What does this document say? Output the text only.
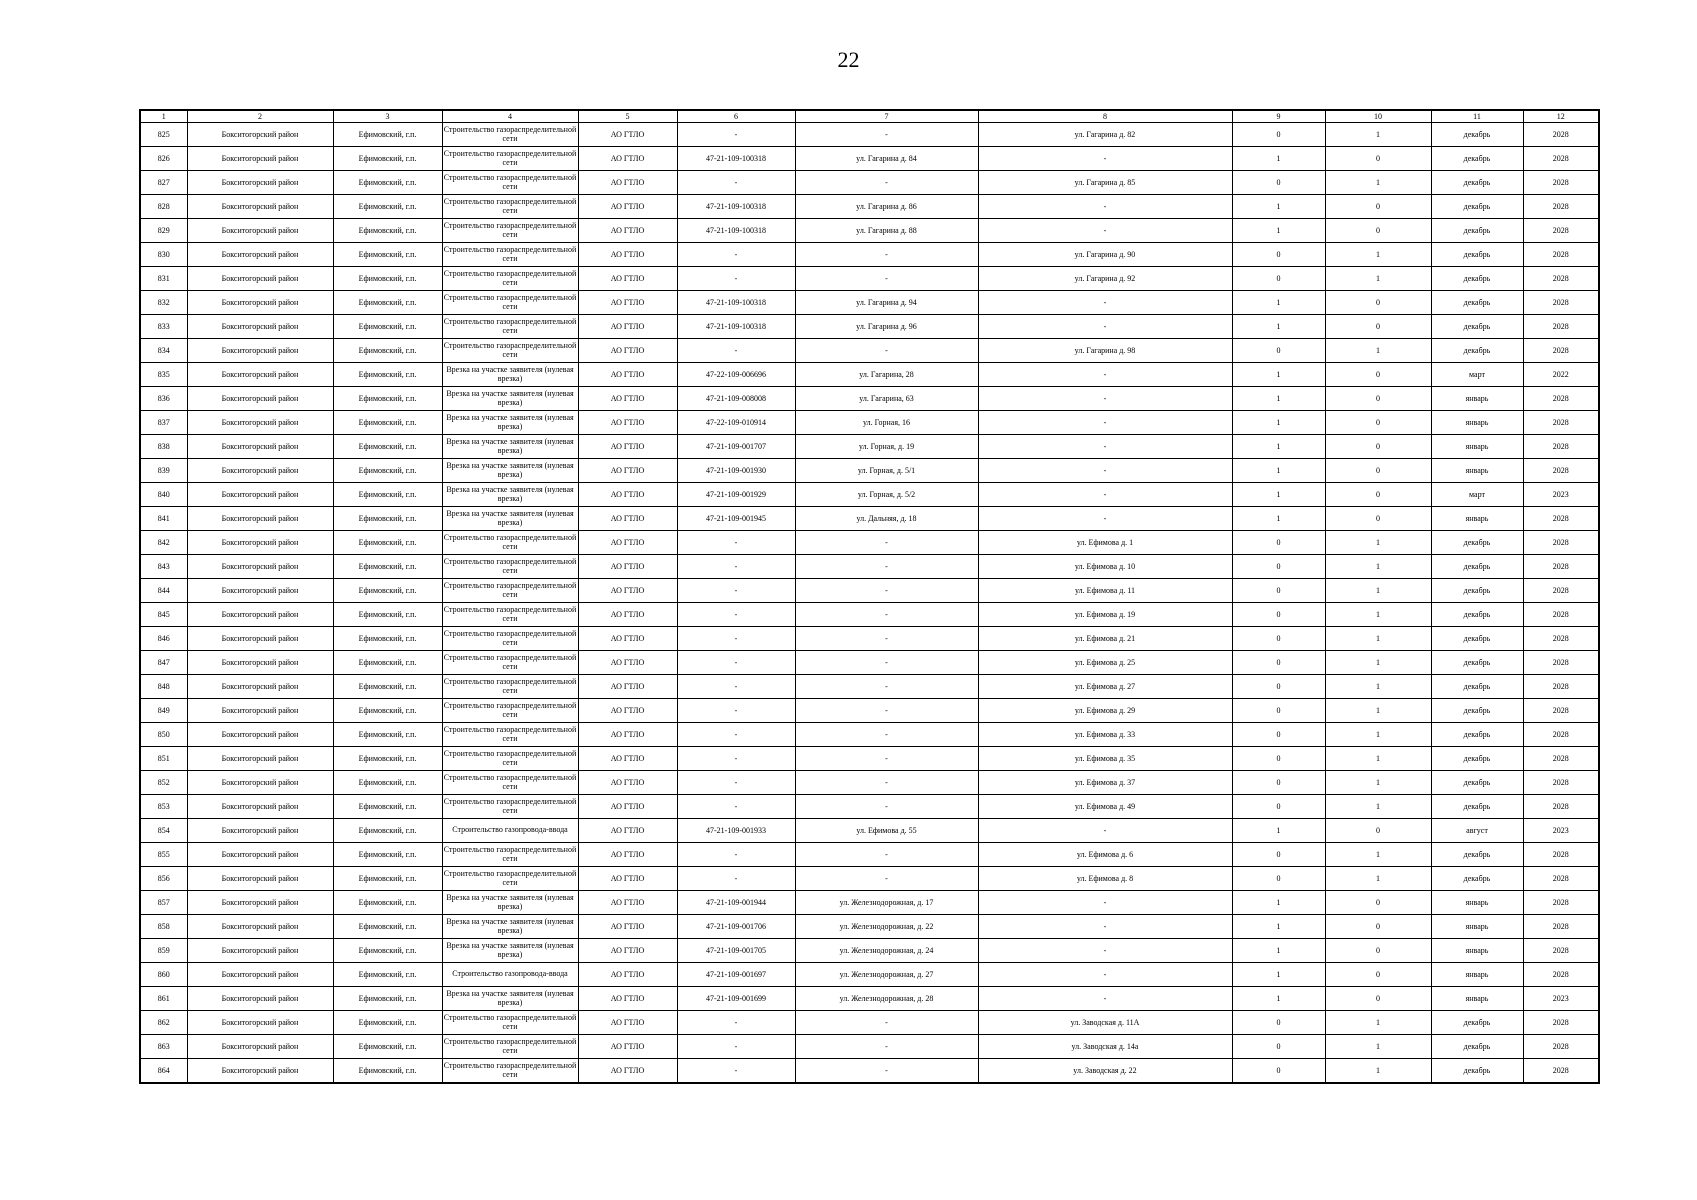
22
1	2	3	4	5	6	7	8	9	10	11	12
825	Бокситогорский район	Ефимовский, г.п.	Строительство газораспределительной сети	АО ГТЛО	-	-	ул. Гагарина д. 82	0	1	декабрь	2028
826	Бокситогорский район	Ефимовский, г.п.	Строительство газораспределительной сети	АО ГТЛО	47-21-109-100318	ул. Гагарина д. 84	-	1	0	декабрь	2028
827	Бокситогорский район	Ефимовский, г.п.	Строительство газораспределительной сети	АО ГТЛО	-	-	ул. Гагарина д. 85	0	1	декабрь	2028
828	Бокситогорский район	Ефимовский, г.п.	Строительство газораспределительной сети	АО ГТЛО	47-21-109-100318	ул. Гагарина д. 86	-	1	0	декабрь	2028
829	Бокситогорский район	Ефимовский, г.п.	Строительство газораспределительной сети	АО ГТЛО	47-21-109-100318	ул. Гагарина д. 88	-	1	0	декабрь	2028
830	Бокситогорский район	Ефимовский, г.п.	Строительство газораспределительной сети	АО ГТЛО	-	-	ул. Гагарина д. 90	0	1	декабрь	2028
831	Бокситогорский район	Ефимовский, г.п.	Строительство газораспределительной сети	АО ГТЛО	-	-	ул. Гагарина д. 92	0	1	декабрь	2028
832	Бокситогорский район	Ефимовский, г.п.	Строительство газораспределительной сети	АО ГТЛО	47-21-109-100318	ул. Гагарина д. 94	-	1	0	декабрь	2028
833	Бокситогорский район	Ефимовский, г.п.	Строительство газораспределительной сети	АО ГТЛО	47-21-109-100318	ул. Гагарина д. 96	-	1	0	декабрь	2028
834	Бокситогорский район	Ефимовский, г.п.	Строительство газораспределительной сети	АО ГТЛО	-	-	ул. Гагарина д. 98	0	1	декабрь	2028
835	Бокситогорский район	Ефимовский, г.п.	Врезка на участке заявителя (нулевая врезка)	АО ГТЛО	47-22-109-006696	ул. Гагарина, 28	-	1	0	март	2022
836	Бокситогорский район	Ефимовский, г.п.	Врезка на участке заявителя (нулевая врезка)	АО ГТЛО	47-21-109-008008	ул. Гагарина, 63	-	1	0	январь	2028
837	Бокситогорский район	Ефимовский, г.п.	Врезка на участке заявителя (нулевая врезка)	АО ГТЛО	47-22-109-010914	ул. Горная, 16	-	1	0	январь	2028
838	Бокситогорский район	Ефимовский, г.п.	Врезка на участке заявителя (нулевая врезка)	АО ГТЛО	47-21-109-001707	ул. Горная, д. 19	-	1	0	январь	2028
839	Бокситогорский район	Ефимовский, г.п.	Врезка на участке заявителя (нулевая врезка)	АО ГТЛО	47-21-109-001930	ул. Горная, д. 5/1	-	1	0	январь	2028
840	Бокситогорский район	Ефимовский, г.п.	Врезка на участке заявителя (нулевая врезка)	АО ГТЛО	47-21-109-001929	ул. Горная, д. 5/2	-	1	0	март	2023
841	Бокситогорский район	Ефимовский, г.п.	Врезка на участке заявителя (нулевая врезка)	АО ГТЛО	47-21-109-001945	ул. Дальняя, д. 18	-	1	0	январь	2028
842	Бокситогорский район	Ефимовский, г.п.	Строительство газораспределительной сети	АО ГТЛО	-	-	ул. Ефимова д. 1	0	1	декабрь	2028
843	Бокситогорский район	Ефимовский, г.п.	Строительство газораспределительной сети	АО ГТЛО	-	-	ул. Ефимова д. 10	0	1	декабрь	2028
844	Бокситогорский район	Ефимовский, г.п.	Строительство газораспределительной сети	АО ГТЛО	-	-	ул. Ефимова д. 11	0	1	декабрь	2028
845	Бокситогорский район	Ефимовский, г.п.	Строительство газораспределительной сети	АО ГТЛО	-	-	ул. Ефимова д. 19	0	1	декабрь	2028
846	Бокситогорский район	Ефимовский, г.п.	Строительство газораспределительной сети	АО ГТЛО	-	-	ул. Ефимова д. 21	0	1	декабрь	2028
847	Бокситогорский район	Ефимовский, г.п.	Строительство газораспределительной сети	АО ГТЛО	-	-	ул. Ефимова д. 25	0	1	декабрь	2028
848	Бокситогорский район	Ефимовский, г.п.	Строительство газораспределительной сети	АО ГТЛО	-	-	ул. Ефимова д. 27	0	1	декабрь	2028
849	Бокситогорский район	Ефимовский, г.п.	Строительство газораспределительной сети	АО ГТЛО	-	-	ул. Ефимова д. 29	0	1	декабрь	2028
850	Бокситогорский район	Ефимовский, г.п.	Строительство газораспределительной сети	АО ГТЛО	-	-	ул. Ефимова д. 33	0	1	декабрь	2028
851	Бокситогорский район	Ефимовский, г.п.	Строительство газораспределительной сети	АО ГТЛО	-	-	ул. Ефимова д. 35	0	1	декабрь	2028
852	Бокситогорский район	Ефимовский, г.п.	Строительство газораспределительной сети	АО ГТЛО	-	-	ул. Ефимова д. 37	0	1	декабрь	2028
853	Бокситогорский район	Ефимовский, г.п.	Строительство газораспределительной сети	АО ГТЛО	-	-	ул. Ефимова д. 49	0	1	декабрь	2028
854	Бокситогорский район	Ефимовский, г.п.	Строительство газопровода-ввода	АО ГТЛО	47-21-109-001933	ул. Ефимова д. 55	-	1	0	август	2023
855	Бокситогорский район	Ефимовский, г.п.	Строительство газораспределительной сети	АО ГТЛО	-	-	ул. Ефимова д. 6	0	1	декабрь	2028
856	Бокситогорский район	Ефимовский, г.п.	Строительство газораспределительной сети	АО ГТЛО	-	-	ул. Ефимова д. 8	0	1	декабрь	2028
857	Бокситогорский район	Ефимовский, г.п.	Врезка на участке заявителя (нулевая врезка)	АО ГТЛО	47-21-109-001944	ул. Железнодорожная, д. 17	-	1	0	январь	2028
858	Бокситогорский район	Ефимовский, г.п.	Врезка на участке заявителя (нулевая врезка)	АО ГТЛО	47-21-109-001706	ул. Железнодорожная, д. 22	-	1	0	январь	2028
859	Бокситогорский район	Ефимовский, г.п.	Врезка на участке заявителя (нулевая врезка)	АО ГТЛО	47-21-109-001705	ул. Железнодорожная, д. 24	-	1	0	январь	2028
860	Бокситогорский район	Ефимовский, г.п.	Строительство газопровода-ввода	АО ГТЛО	47-21-109-001697	ул. Железнодорожная, д. 27	-	1	0	январь	2028
861	Бокситогорский район	Ефимовский, г.п.	Врезка на участке заявителя (нулевая врезка)	АО ГТЛО	47-21-109-001699	ул. Железнодорожная, д. 28	-	1	0	январь	2023
862	Бокситогорский район	Ефимовский, г.п.	Строительство газораспределительной сети	АО ГТЛО	-	-	ул. Заводская д. 11А	0	1	декабрь	2028
863	Бокситогорский район	Ефимовский, г.п.	Строительство газораспределительной сети	АО ГТЛО	-	-	ул. Заводская д. 14а	0	1	декабрь	2028
864	Бокситогорский район	Ефимовский, г.п.	Строительство газораспределительной сети	АО ГТЛО	-	-	ул. Заводская д. 22	0	1	декабрь	2028
